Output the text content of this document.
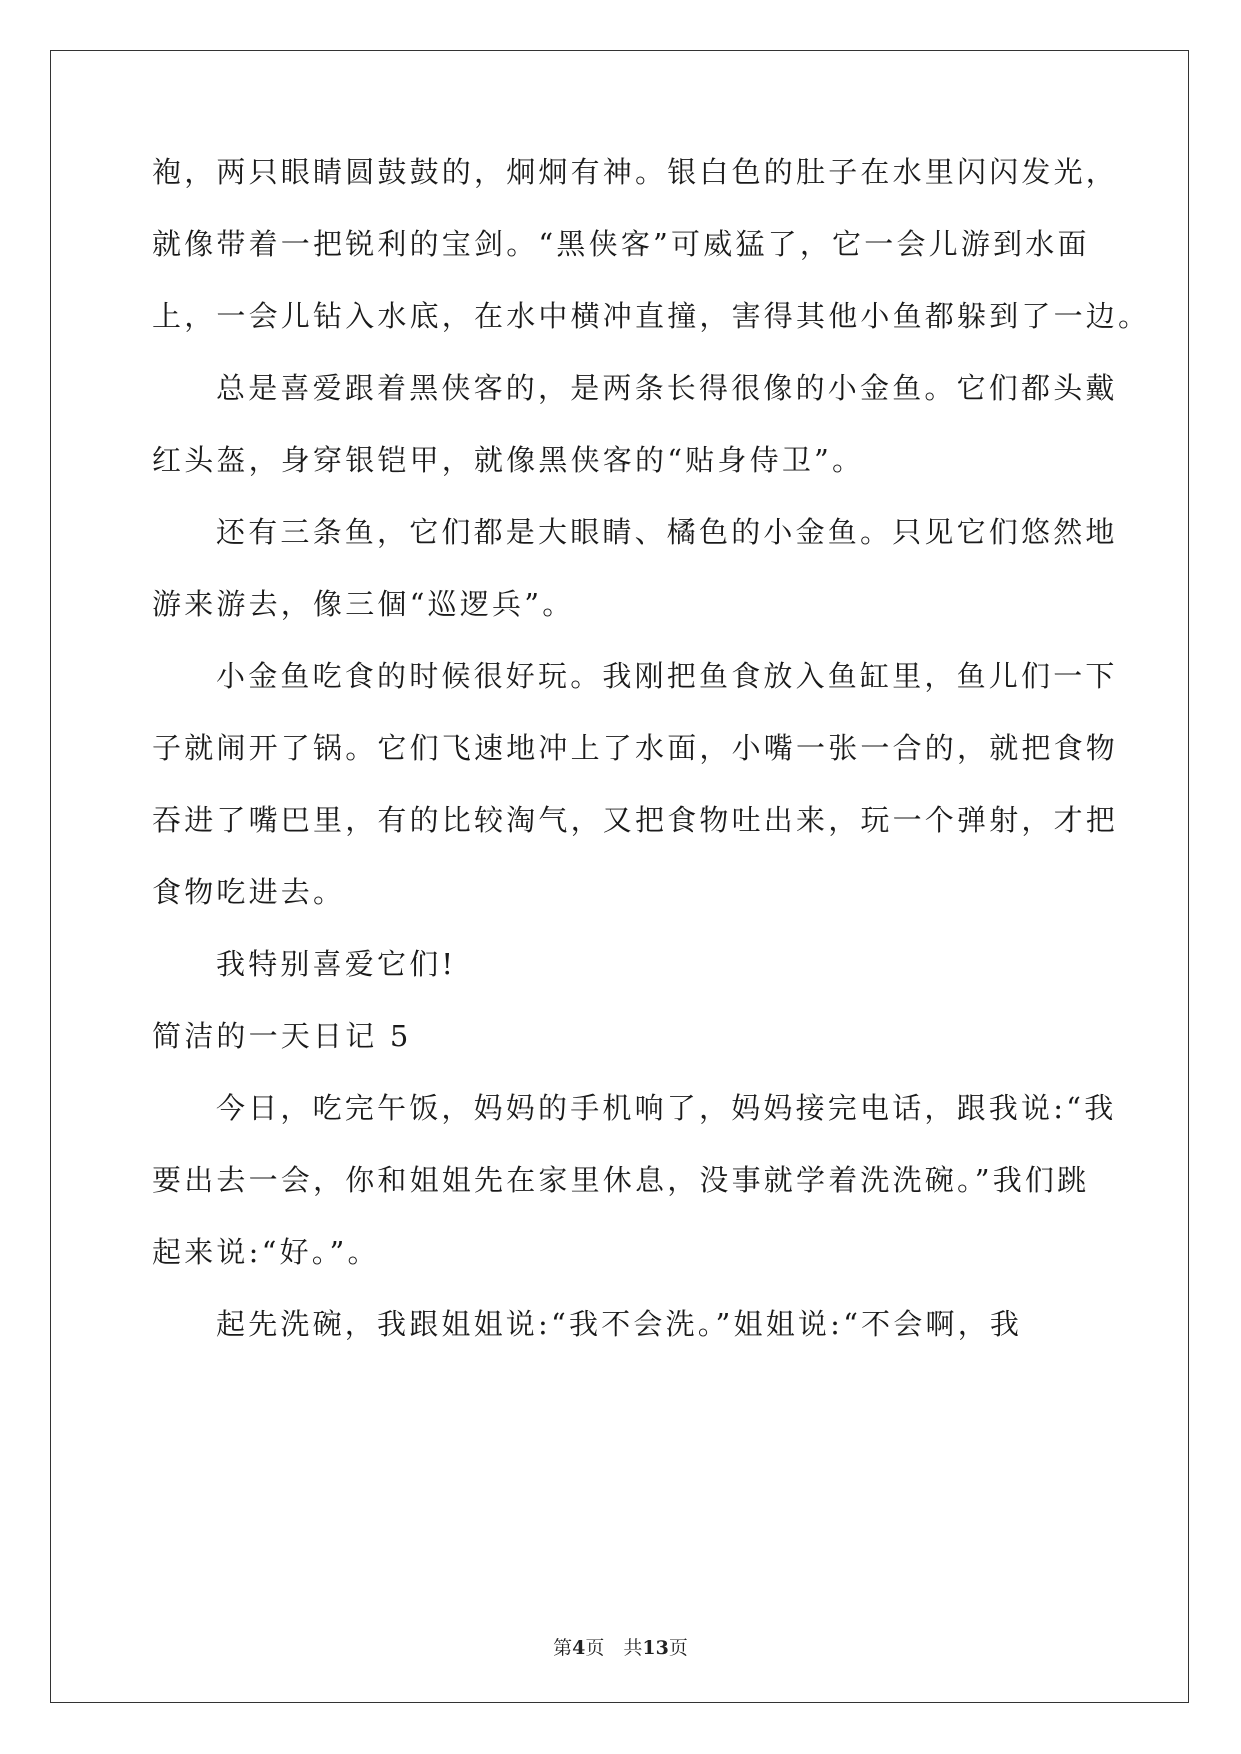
袍，两只眼睛圆鼓鼓的，炯炯有神。银白色的肚子在水里闪闪发光，
就像带着一把锐利的宝剑。“黑侠客”可威猛了，它一会儿游到水面
上，一会儿钻入水底，在水中横冲直撞，害得其他小鱼都躲到了一边。
总是喜爱跟着黑侠客的，是两条长得很像的小金鱼。它们都头戴
红头盔，身穿银铠甲，就像黑侠客的“贴身侍卫”。
还有三条鱼，它们都是大眼睛、橘色的小金鱼。只见它们悠然地
游来游去，像三個“巡逻兵”。
小金鱼吃食的时候很好玩。我刚把鱼食放入鱼缸里，鱼儿们一下
子就闹开了锅。它们飞速地冲上了水面，小嘴一张一合的，就把食物
吞进了嘴巴里，有的比较淘气，又把食物吐出来，玩一个弹射，才把
食物吃进去。
我特别喜爱它们!
简洁的一天日记 5
今日，吃完午饭，妈妈的手机响了，妈妈接完电话，跟我说:“我
要出去一会，你和姐姐先在家里休息，没事就学着洗洗碗。”我们跳
起来说:“好。”。
起先洗碗，我跟姐姐说:“我不会洗。”姐姐说:“不会啊，我
第4页　共13页
